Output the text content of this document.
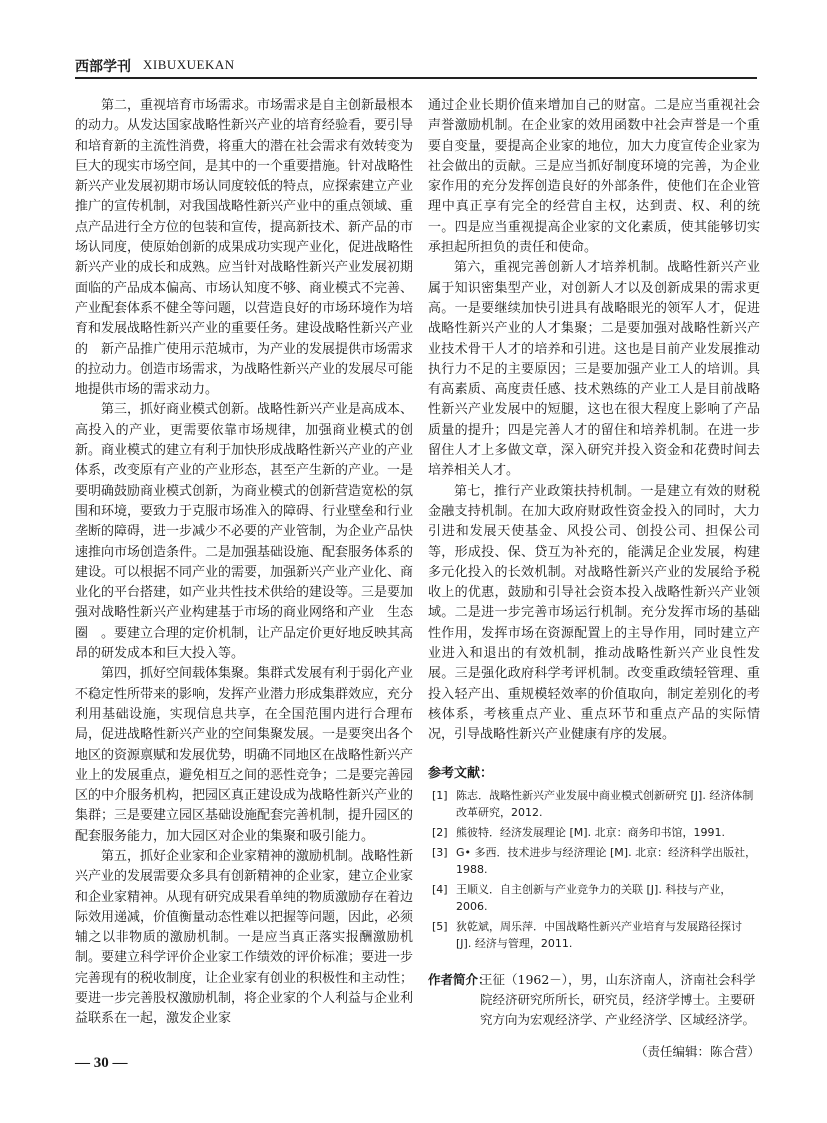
西部学刊 XIBUXUEKAN

第二，重视培育市场需求。市场需求是自主创新最根本的动力。从发达国家战略性新兴产业的培育经验看，要引导和培育新的主流性消费，将重大的潜在社会需求有效转变为巨大的现实市场空间，是其中的一个重要措施。针对战略性新兴产业发展初期市场认同度较低的特点，应探索建立产业推广的宣传机制，对我国战略性新兴产业中的重点领域、重点产品进行全方位的包装和宣传，提高新技术、新产品的市场认同度，使原始创新的成果成功实现产业化，促进战略性新兴产业的成长和成熟。应当针对战略性新兴产业发展初期面临的产品成本偏高、市场认知度不够、商业模式不完善、产业配套体系不健全等问题，以营造良好的市场环境作为培育和发展战略性新兴产业的重要任务。建设战略性新兴产业的　新产品推广使用示范城市，为产业的发展提供市场需求的拉动力。创造市场需求，为战略性新兴产业的发展尽可能地提供市场的需求动力。

第三，抓好商业模式创新。战略性新兴产业是高成本、高投入的产业，更需要依靠市场规律，加强商业模式的创新。商业模式的建立有利于加快形成战略性新兴产业的产业体系，改变原有产业的产业形态，甚至产生新的产业。一是要明确鼓励商业模式创新，为商业模式的创新营造宽松的氛围和环境，要致力于克服市场准入的障碍、行业壁垒和行业垄断的障碍，进一步减少不必要的产业管制，为企业产品快速推向市场创造条件。二是加强基础设施、配套服务体系的建设。可以根据不同产业的需要，加强新兴产业产业化、商业化的平台搭建，如产业共性技术供给的建设等。三是要加强对战略性新兴产业构建基于市场的商业网络和产业　生态圈　。要建立合理的定价机制，让产品定价更好地反映其高昂的研发成本和巨大投入等。

第四，抓好空间载体集聚。集群式发展有利于弱化产业不稳定性所带来的影响，发挥产业潜力形成集群效应，充分利用基础设施，实现信息共享，在全国范围内进行合理布局，促进战略性新兴产业的空间集聚发展。一是要突出各个地区的资源禀赋和发展优势，明确不同地区在战略性新兴产业上的发展重点，避免相互之间的恶性竞争；二是要完善园区的中介服务机构，把园区真正建设成为战略性新兴产业的集群；三是要建立园区基础设施配套完善机制，提升园区的配套服务能力，加大园区对企业的集聚和吸引能力。

第五，抓好企业家和企业家精神的激励机制。战略性新兴产业的发展需要众多具有创新精神的企业家，建立企业家和企业家精神。从现有研究成果看单纯的物质激励存在着边际效用递减，价值衡量动态性难以把握等问题，因此，必须辅之以非物质的激励机制。一是应当真正落实报酬激励机制。要建立科学评价企业家工作绩效的评价标准；要进一步完善现有的税收制度，让企业家有创业的积极性和主动性；要进一步完善股权激励机制，将企业家的个人利益与企业利益联系在一起，激发企业家

通过企业长期价值来增加自己的财富。二是应当重视社会声誉激励机制。在企业家的效用函数中社会声誉是一个重要自变量，要提高企业家的地位，加大力度宣传企业家为社会做出的贡献。三是应当抓好制度环境的完善，为企业家作用的充分发挥创造良好的外部条件，使他们在企业管理中真正享有完全的经营自主权，达到责、权、利的统一。四是应当重视提高企业家的文化素质，使其能够切实承担起所担负的责任和使命。

第六，重视完善创新人才培养机制。战略性新兴产业属于知识密集型产业，对创新人才以及创新成果的需求更高。一是要继续加快引进具有战略眼光的领军人才，促进战略性新兴产业的人才集聚；二是要加强对战略性新兴产业技术骨干人才的培养和引进。这也是目前产业发展推动执行力不足的主要原因；三是要加强产业工人的培训。具有高素质、高度责任感、技术熟练的产业工人是目前战略性新兴产业发展中的短腿，这也在很大程度上影响了产品质量的提升；四是完善人才的留住和培养机制。在进一步留住人才上多做文章，深入研究并投入资金和花费时间去培养相关人才。

第七，推行产业政策扶持机制。一是建立有效的财税金融支持机制。在加大政府财政性资金投入的同时，大力引进和发展天使基金、风投公司、创投公司、担保公司等，形成投、保、贷互为补充的，能满足企业发展，构建多元化投入的长效机制。对战略性新兴产业的发展给予税收上的优惠，鼓励和引导社会资本投入战略性新兴产业领域。二是进一步完善市场运行机制。充分发挥市场的基础性作用，发挥市场在资源配置上的主导作用，同时建立产业进入和退出的有效机制，推动战略性新兴产业良性发展。三是强化政府科学考评机制。改变重政绩轻管理、重投入轻产出、重规模轻效率的价值取向，制定差别化的考核体系，考核重点产业、重点环节和重点产品的实际情况，引导战略性新兴产业健康有序的发展。

参考文献：
[1] 陈志．战略性新兴产业发展中商业模式创新研究 [J]. 经济体制改革研究，2012.
[2] 熊彼特．经济发展理论 [M]. 北京：商务印书馆，1991.
[3] G• 多西．技术进步与经济理论 [M]. 北京：经济科学出版社，1988.
[4] 王顺义．自主创新与产业竞争力的关联 [J]. 科技与产业，2006.
[5] 狄乾斌，周乐萍．中国战略性新兴产业培育与发展路径探讨 [J]. 经济与管理，2011.
作者简介：
王征（1962－），男，山东济南人，济南社会科学院经济研究所所长，研究员，经济学博士。主要研究方向为宏观经济学、产业经济学、区域经济学。
（责任编辑：陈合营）
— 30 —
